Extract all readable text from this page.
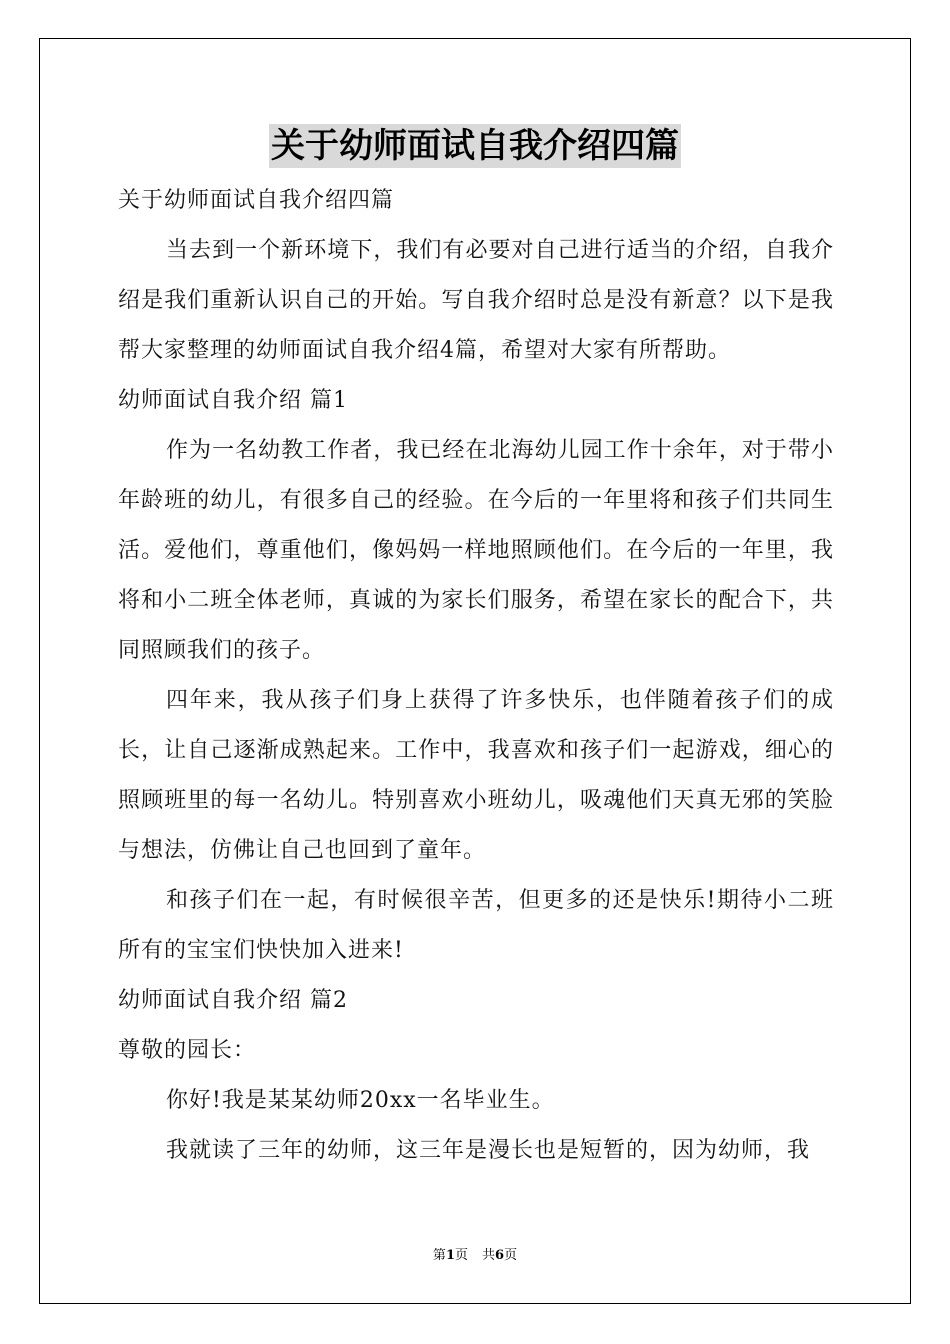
关于幼师面试自我介绍四篇

关于幼师面试自我介绍四篇

当去到一个新环境下，我们有必要对自己进行适当的介绍，自我介绍是我们重新认识自己的开始。写自我介绍时总是没有新意？以下是我帮大家整理的幼师面试自我介绍4篇，希望对大家有所帮助。

幼师面试自我介绍 篇1

作为一名幼教工作者，我已经在北海幼儿园工作十余年，对于带小年龄班的幼儿，有很多自己的经验。在今后的一年里将和孩子们共同生活。爱他们，尊重他们，像妈妈一样地照顾他们。在今后的一年里，我将和小二班全体老师，真诚的为家长们服务，希望在家长的配合下，共同照顾我们的孩子。

四年来，我从孩子们身上获得了许多快乐，也伴随着孩子们的成长，让自己逐渐成熟起来。工作中，我喜欢和孩子们一起游戏，细心的照顾班里的每一名幼儿。特别喜欢小班幼儿，吸魂他们天真无邪的笑脸与想法，仿佛让自己也回到了童年。

和孩子们在一起，有时候很辛苦，但更多的还是快乐!期待小二班所有的宝宝们快快加入进来!

幼师面试自我介绍 篇2

尊敬的园长：

你好!我是某某幼师20xx一名毕业生。

我就读了三年的幼师，这三年是漫长也是短暂的，因为幼师，我

第1页 共6页
